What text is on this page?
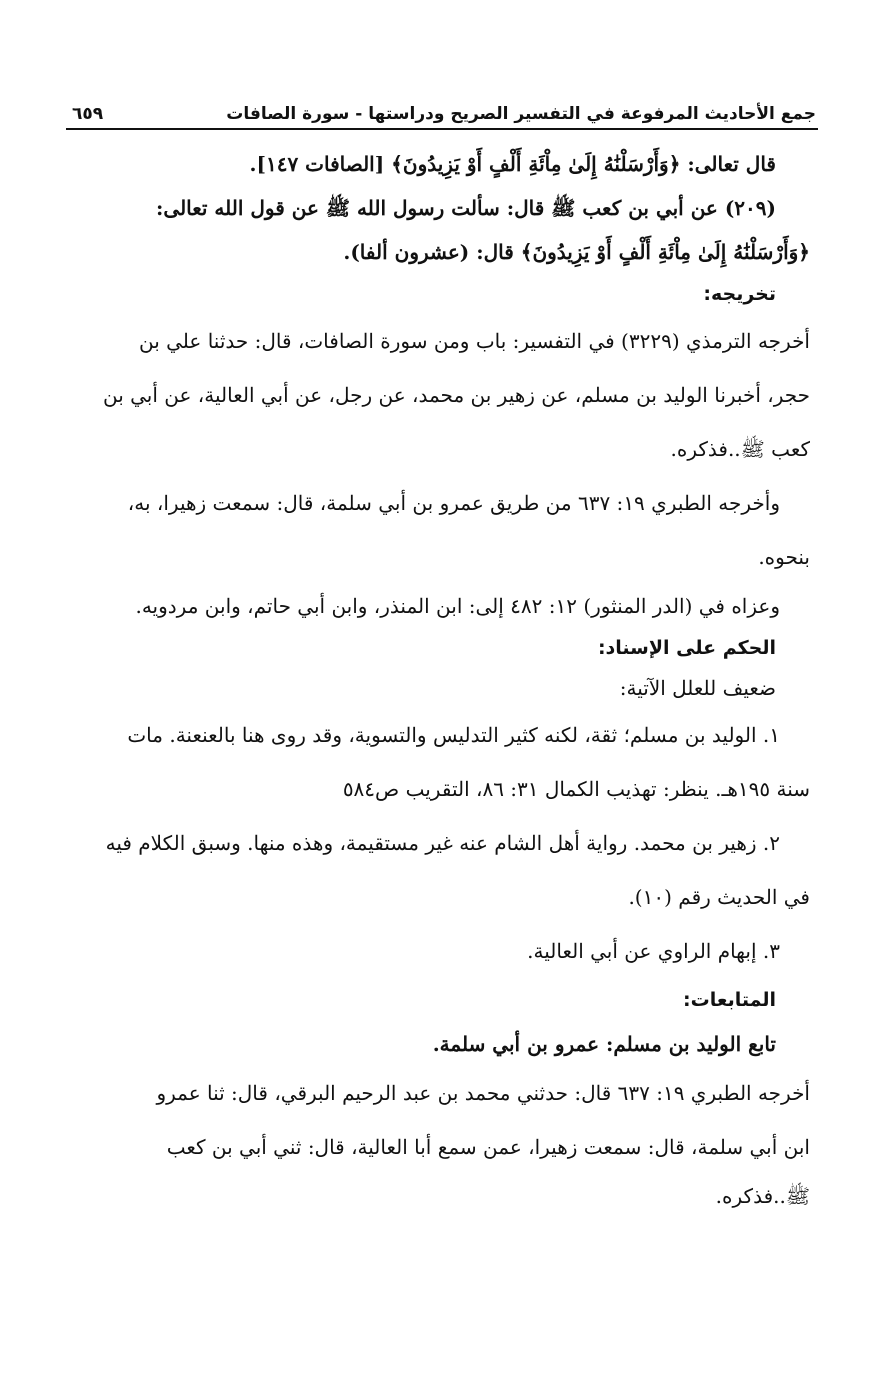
جمع الأحاديث المرفوعة في التفسير الصريح ودراستها - سورة الصافات
٦٥٩
قال تعالى: ﴿وَأَرْسَلْنَٰهُ إِلَىٰ مِاْئَةِ أَلْفٍ أَوْ يَزِيدُونَ﴾ [الصافات ١٤٧].
(٢٠٩) عن أبي بن كعب ﷺ قال: سألت رسول الله ﷺ عن قول الله تعالى:
﴿وَأَرْسَلْنَٰهُ إِلَىٰ مِاْئَةِ أَلْفٍ أَوْ يَزِيدُونَ﴾ قال: (عشرون ألفا).
تخريجه:
أخرجه الترمذي (٣٢٢٩) في التفسير: باب ومن سورة الصافات، قال: حدثنا علي بن
حجر، أخبرنا الوليد بن مسلم، عن زهير بن محمد، عن رجل، عن أبي العالية، عن أبي بن
كعب ﷺ..فذكره.
وأخرجه الطبري ١٩: ٦٣٧ من طريق عمرو بن أبي سلمة، قال: سمعت زهيرا، به،
بنحوه.
وعزاه في (الدر المنثور) ١٢: ٤٨٢ إلى: ابن المنذر، وابن أبي حاتم، وابن مردويه.
الحكم على الإسناد:
ضعيف للعلل الآتية:
١. الوليد بن مسلم؛ ثقة، لكنه كثير التدليس والتسوية، وقد روى هنا بالعنعنة. مات
سنة ١٩٥هـ. ينظر: تهذيب الكمال ٣١: ٨٦، التقريب ص٥٨٤
٢. زهير بن محمد. رواية أهل الشام عنه غير مستقيمة، وهذه منها. وسبق الكلام فيه
في الحديث رقم (١٠).
٣. إبهام الراوي عن أبي العالية.
المتابعات:
تابع الوليد بن مسلم: عمرو بن أبي سلمة.
أخرجه الطبري ١٩: ٦٣٧ قال: حدثني محمد بن عبد الرحيم البرقي، قال: ثنا عمرو
ابن أبي سلمة، قال: سمعت زهيرا، عمن سمع أبا العالية، قال: ثني أبي بن كعب
ﷺ..فذكره.
